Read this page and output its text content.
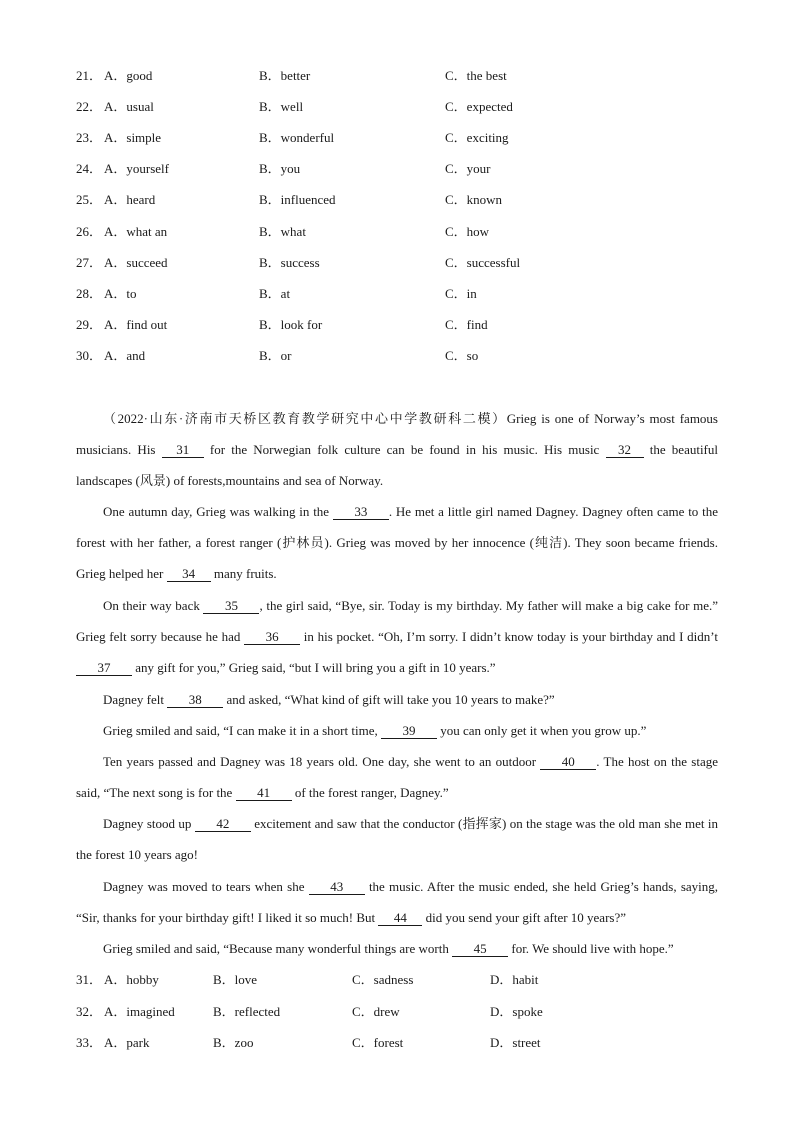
21． A．good	B．better	C．the best
22． A．usual	B．well	C．expected
23． A．simple	B．wonderful	C．exciting
24． A．yourself	B．you	C．your
25． A．heard	B．influenced	C．known
26． A．what an	B．what	C．how
27． A．succeed	B．success	C．successful
28． A．to	B．at	C．in
29． A．find out	B．look for	C．find
30． A．and	B．or	C．so

（2022·山东·济南市天桥区教育教学研究中心中学教研科二模）Grieg is one of Norway’s most famous musicians. His 31 for the Norwegian folk culture can be found in his music. His music 32 the beautiful landscapes (风景) of forests,mountains and sea of Norway.

One autumn day, Grieg was walking in the 33 . He met a little girl named Dagney. Dagney often came to the forest with her father, a forest ranger (护林员). Grieg was moved by her innocence (纯洁). They soon became friends. Grieg helped her 34 many fruits.

On their way back 35 , the girl said, “Bye, sir. Today is my birthday. My father will make a big cake for me.” Grieg felt sorry because he had 36 in his pocket. “Oh, I’m sorry. I didn’t know today is your birthday and I didn’t 37 any gift for you,” Grieg said, “but I will bring you a gift in 10 years.”

Dagney felt 38 and asked, “What kind of gift will take you 10 years to make?”

Grieg smiled and said, “I can make it in a short time, 39 you can only get it when you grow up.”

Ten years passed and Dagney was 18 years old. One day, she went to an outdoor 40 . The host on the stage said, “The next song is for the 41 of the forest ranger, Dagney.”

Dagney stood up 42 excitement and saw that the conductor (指挥家) on the stage was the old man she met in the forest 10 years ago!

Dagney was moved to tears when she 43 the music. After the music ended, she held Grieg’s hands, saying, “Sir, thanks for your birthday gift! I liked it so much! But 44 did you send your gift after 10 years?”

Grieg smiled and said, “Because many wonderful things are worth 45 for. We should live with hope.”

31． A．hobby	B．love	C．sadness	D．habit
32． A．imagined	B．reflected	C．drew	D．spoke
33． A．park	B．zoo	C．forest	D．street
